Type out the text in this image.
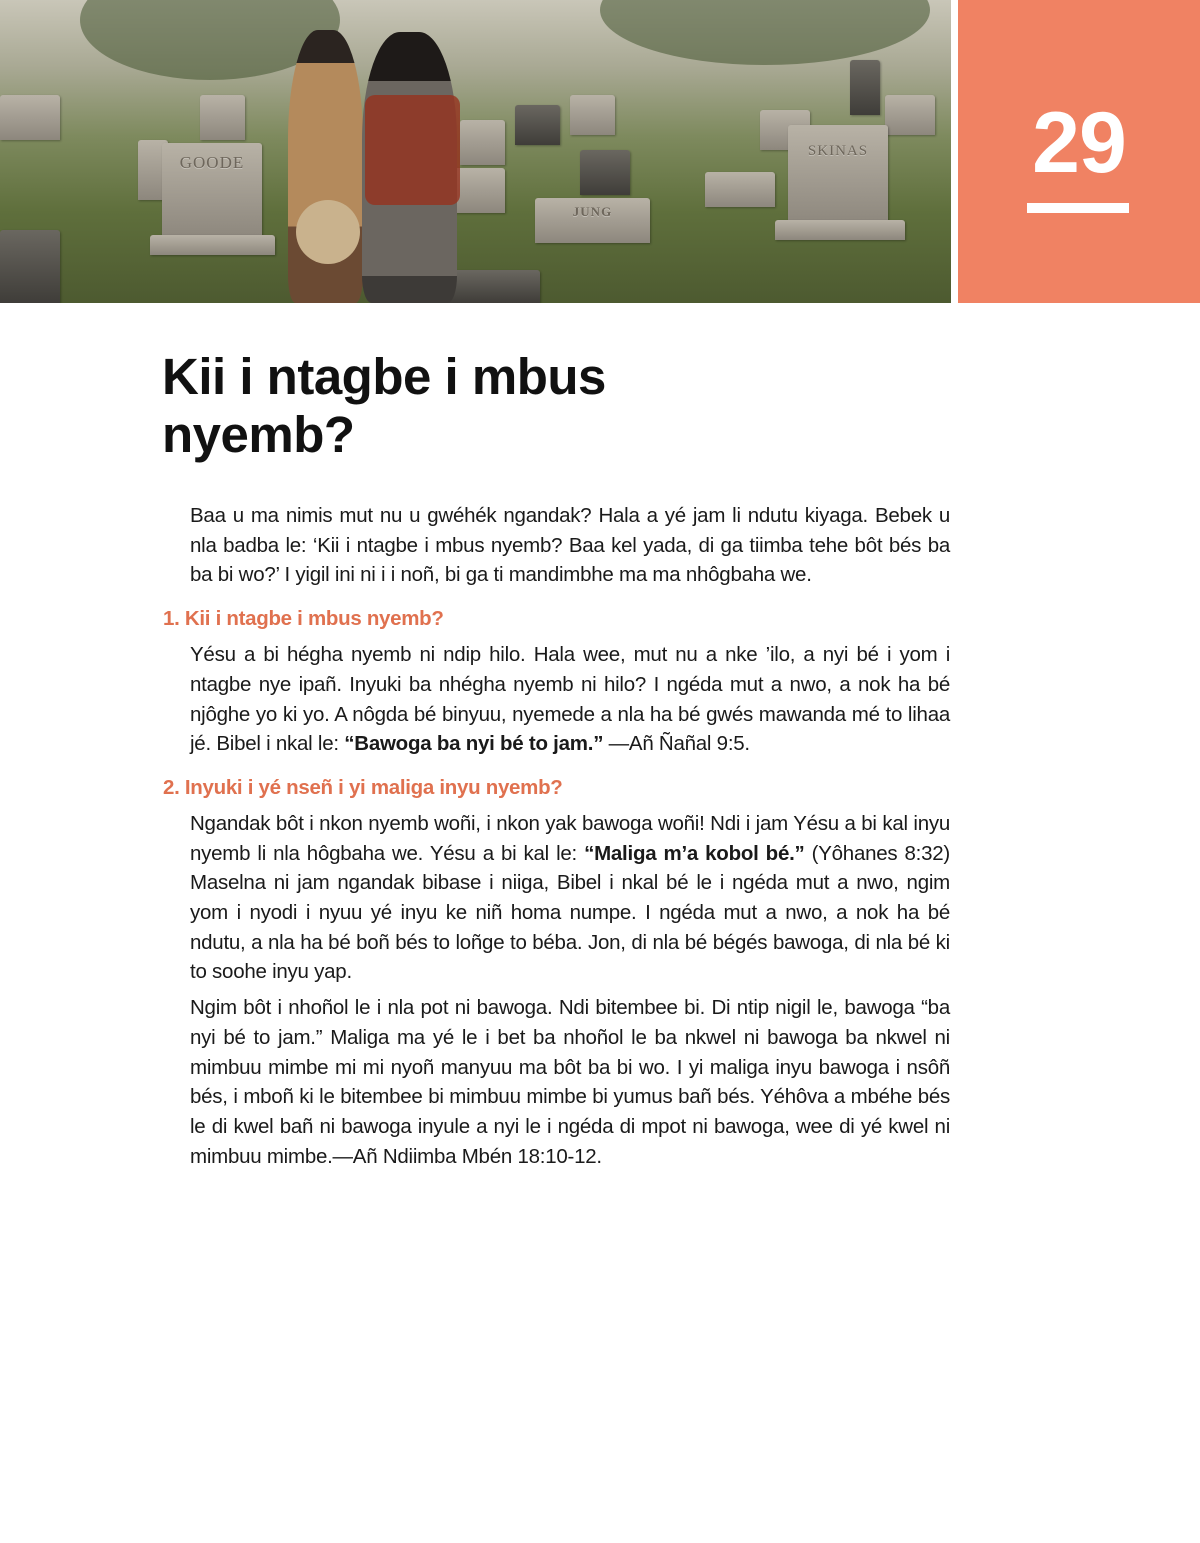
GOODE
SKINAS
JUNG
29
Kii i ntagbe i mbus nyemb?

Baa u ma nimis mut nu u gwéhék ngandak? Hala a yé jam li ndutu kiyaga. Bebek u nla badba le: ‘Kii i ntagbe i mbus nyemb? Baa kel yada, di ga tiimba tehe bôt bés ba ba bi wo?’ I yigil ini ni i i noñ, bi ga ti mandimbhe ma ma nhôgbaha we.

1. Kii i ntagbe i mbus nyemb?

Yésu a bi hégha nyemb ni ndip hilo. Hala wee, mut nu a nke ’ilo, a nyi bé i yom i ntagbe nye ipañ. Inyuki ba nhégha nyemb ni hilo? I ngéda mut a nwo, a nok ha bé njôghe yo ki yo. A nôgda bé binyuu, nyemede a nla ha bé gwés mawanda mé to lihaa jé. Bibel i nkal le: “Bawoga ba nyi bé to jam.” —Añ Ñañal 9:5.

2. Inyuki i yé nseñ i yi maliga inyu nyemb?

Ngandak bôt i nkon nyemb woñi, i nkon yak bawoga woñi! Ndi i jam Yésu a bi kal inyu nyemb li nla hôgbaha we. Yésu a bi kal le: “Maliga m’a kobol bé.” (Yôhanes 8:32) Maselna ni jam ngandak bibase i niiga, Bibel i nkal bé le i ngéda mut a nwo, ngim yom i nyodi i nyuu yé inyu ke niñ homa numpe. I ngéda mut a nwo, a nok ha bé ndutu, a nla ha bé boñ bés to loñge to béba. Jon, di nla bé bégés bawoga, di nla bé ki to soohe inyu yap.

Ngim bôt i nhoñol le i nla pot ni bawoga. Ndi bitembee bi. Di ntip nigil le, bawoga “ba nyi bé to jam.” Maliga ma yé le i bet ba nhoñol le ba nkwel ni bawoga ba nkwel ni mimbuu mimbe mi mi nyoñ manyuu ma bôt ba bi wo. I yi maliga inyu bawoga i nsôñ bés, i mboñ ki le bitembee bi mimbuu mimbe bi yumus bañ bés. Yéhôva a mbéhe bés le di kwel bañ ni bawoga inyule a nyi le i ngéda di mpot ni bawoga, wee di yé kwel ni mimbuu mimbe.—Añ Ndiimba Mbén 18:10-12.
